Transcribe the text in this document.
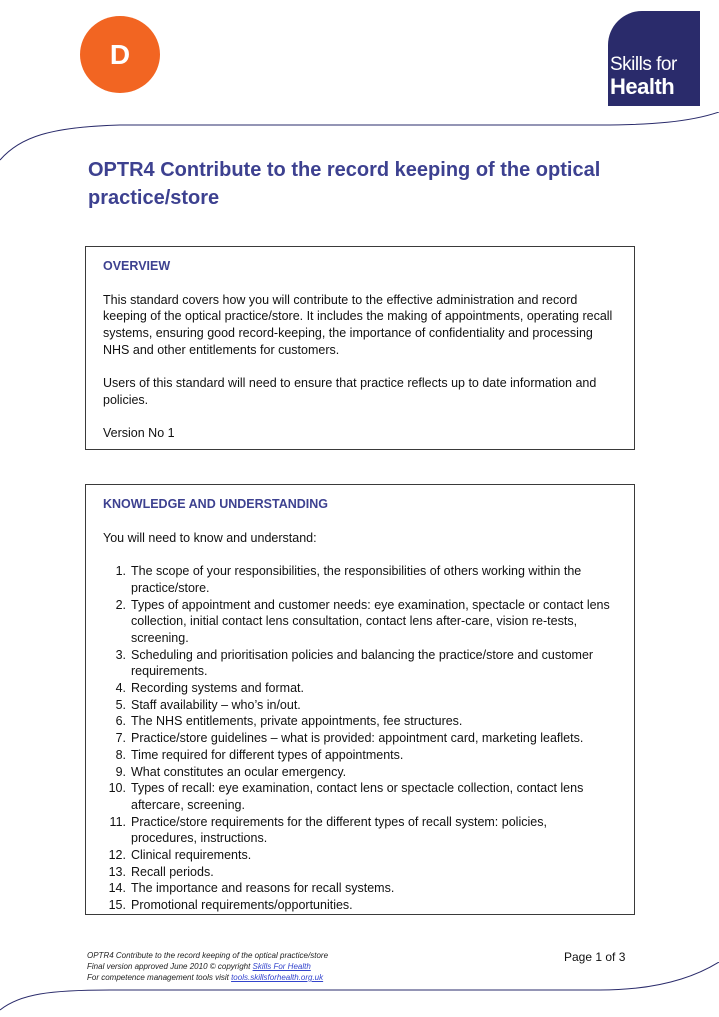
D	Skills for
Health
OPTR4 Contribute to the record keeping of the optical practice/store
OVERVIEW

This standard covers how you will contribute to the effective administration and record keeping of the optical practice/store. It includes the making of appointments, operating recall systems, ensuring good record-keeping, the importance of confidentiality and processing NHS and other entitlements for customers.

Users of this standard will need to ensure that practice reflects up to date information and policies.

Version No 1

KNOWLEDGE AND UNDERSTANDING

You will need to know and understand:

1. The scope of your responsibilities, the responsibilities of others working within the practice/store.
2. Types of appointment and customer needs: eye examination, spectacle or contact lens collection, initial contact lens consultation, contact lens after-care, vision re-tests, screening.
3. Scheduling and prioritisation policies and balancing the practice/store and customer requirements.
4. Recording systems and format.
5. Staff availability – who’s in/out.
6. The NHS entitlements, private appointments, fee structures.
7. Practice/store guidelines – what is provided: appointment card, marketing leaflets.
8. Time required for different types of appointments.
9. What constitutes an ocular emergency.
10. Types of recall: eye examination, contact lens or spectacle collection, contact lens aftercare, screening.
11. Practice/store requirements for the different types of recall system: policies, procedures, instructions.
12. Clinical requirements.
13. Recall periods.
14. The importance and reasons for recall systems.
15. Promotional requirements/opportunities.
OPTR4 Contribute to the record keeping of the optical practice/store
Final version approved June 2010 © copyright Skills For Health
For competence management tools visit tools.skillsforhealth.org.uk
Page 1 of 3
